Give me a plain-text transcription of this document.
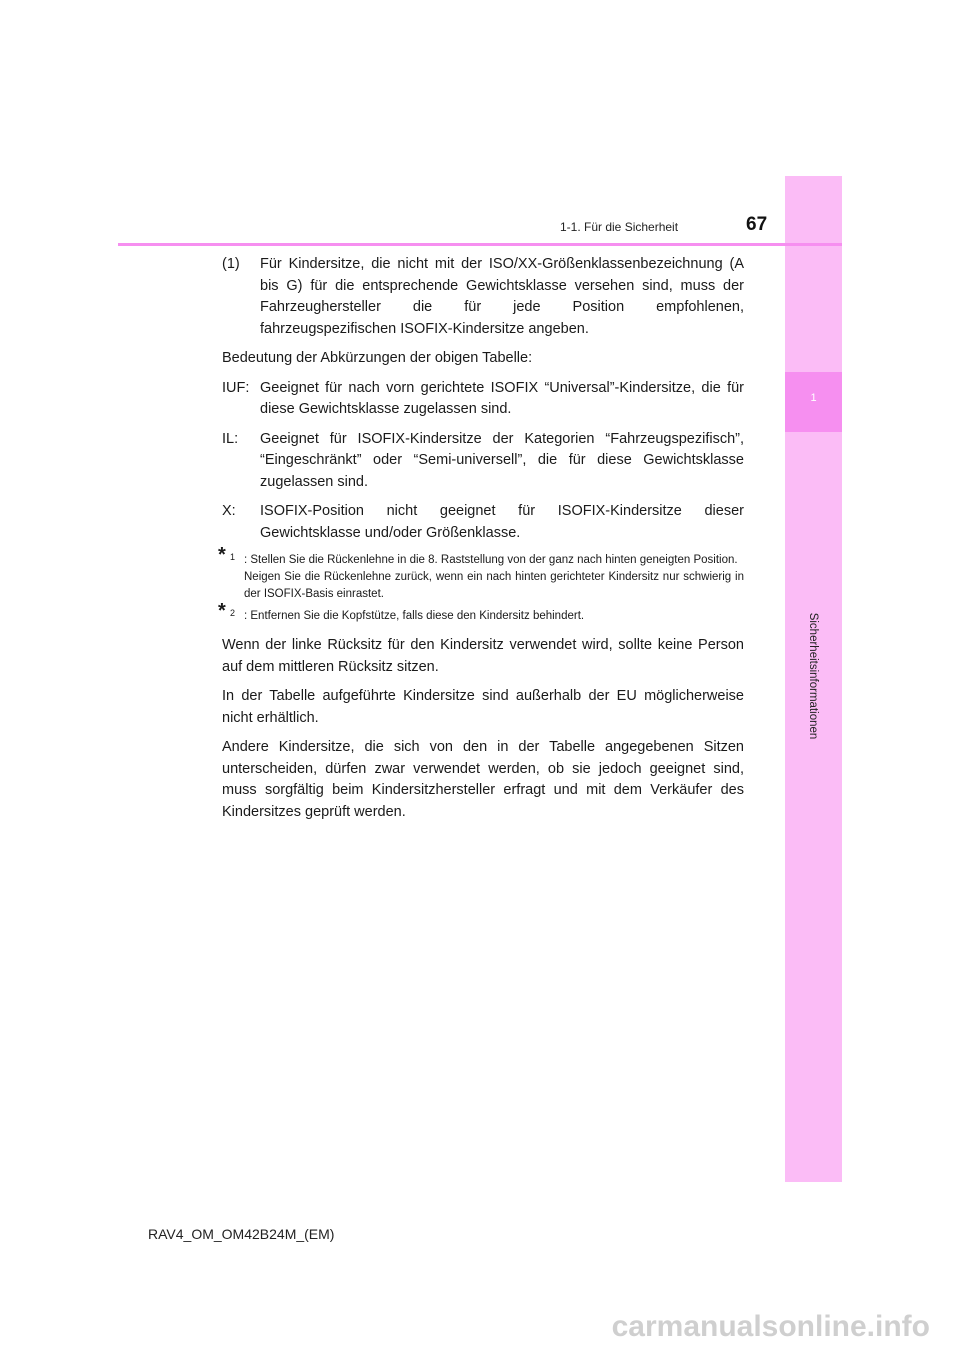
1
Sicherheitsinformationen
1-1. Für die Sicherheit	67
(1)	Für Kindersitze, die nicht mit der ISO/XX-Größenklassenbezeichnung (A bis G) für die entsprechende Gewichtsklasse versehen sind, muss der Fahrzeughersteller die für jede Position empfohlenen, fahrzeugspezifischen ISOFIX-Kindersitze angeben.
Bedeutung der Abkürzungen der obigen Tabelle:
IUF: Geeignet für nach vorn gerichtete ISOFIX “Universal”-Kindersitze, die für diese Gewichtsklasse zugelassen sind.
IL:	Geeignet für ISOFIX-Kindersitze der Kategorien “Fahrzeugspezifisch”, “Eingeschränkt” oder “Semi-universell”, die für diese Gewichtsklasse zugelassen sind.
X:	ISOFIX-Position nicht geeignet für ISOFIX-Kindersitze dieser Gewichtsklasse und/oder Größenklasse.
* 1 : Stellen Sie die Rückenlehne in die 8. Raststellung von der ganz nach hinten geneigten Position.
Neigen Sie die Rückenlehne zurück, wenn ein nach hinten gerichteter Kindersitz nur schwierig in der ISOFIX-Basis einrastet.
* 2 : Entfernen Sie die Kopfstütze, falls diese den Kindersitz behindert.
Wenn der linke Rücksitz für den Kindersitz verwendet wird, sollte keine Person auf dem mittleren Rücksitz sitzen.
In der Tabelle aufgeführte Kindersitze sind außerhalb der EU möglicherweise nicht erhältlich.
Andere Kindersitze, die sich von den in der Tabelle angegebenen Sitzen unterscheiden, dürfen zwar verwendet werden, ob sie jedoch geeignet sind, muss sorgfältig beim Kindersitzhersteller erfragt und mit dem Verkäufer des Kindersitzes geprüft werden.
RAV4_OM_OM42B24M_(EM)
carmanualsonline.info
